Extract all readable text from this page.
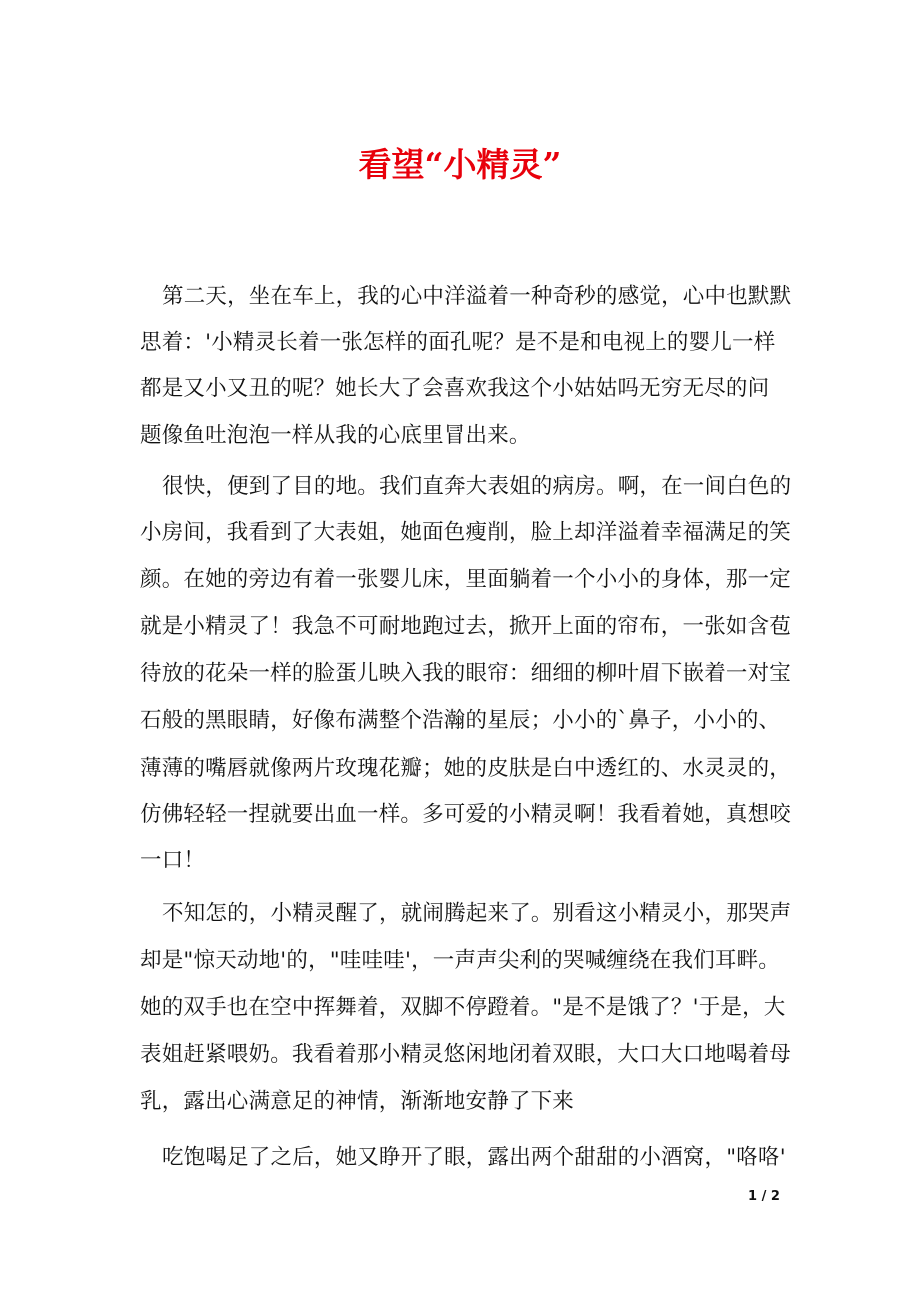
看望“小精灵”
第二天，坐在车上，我的心中洋溢着一种奇秒的感觉，心中也默默
思着：'小精灵长着一张怎样的面孔呢？是不是和电视上的婴儿一样
都是又小又丑的呢？她长大了会喜欢我这个小姑姑吗无穷无尽的问
题像鱼吐泡泡一样从我的心底里冒出来。
很快，便到了目的地。我们直奔大表姐的病房。啊，在一间白色的
小房间，我看到了大表姐，她面色瘦削，脸上却洋溢着幸福满足的笑
颜。在她的旁边有着一张婴儿床，里面躺着一个小小的身体，那一定
就是小精灵了！我急不可耐地跑过去，掀开上面的帘布，一张如含苞
待放的花朵一样的脸蛋儿映入我的眼帘：细细的柳叶眉下嵌着一对宝
石般的黑眼睛，好像布满整个浩瀚的星辰；小小的`鼻子，小小的、
薄薄的嘴唇就像两片玫瑰花瓣；她的皮肤是白中透红的、水灵灵的，
仿佛轻轻一捏就要出血一样。多可爱的小精灵啊！我看着她，真想咬
一口！
不知怎的，小精灵醒了，就闹腾起来了。别看这小精灵小，那哭声
却是"惊天动地'的，"哇哇哇'，一声声尖利的哭喊缠绕在我们耳畔。
她的双手也在空中挥舞着，双脚不停蹬着。"是不是饿了？'于是，大
表姐赶紧喂奶。我看着那小精灵悠闲地闭着双眼，大口大口地喝着母
乳，露出心满意足的神情，渐渐地安静了下来
吃饱喝足了之后，她又睁开了眼，露出两个甜甜的小酒窝，"咯咯'
1 / 2
